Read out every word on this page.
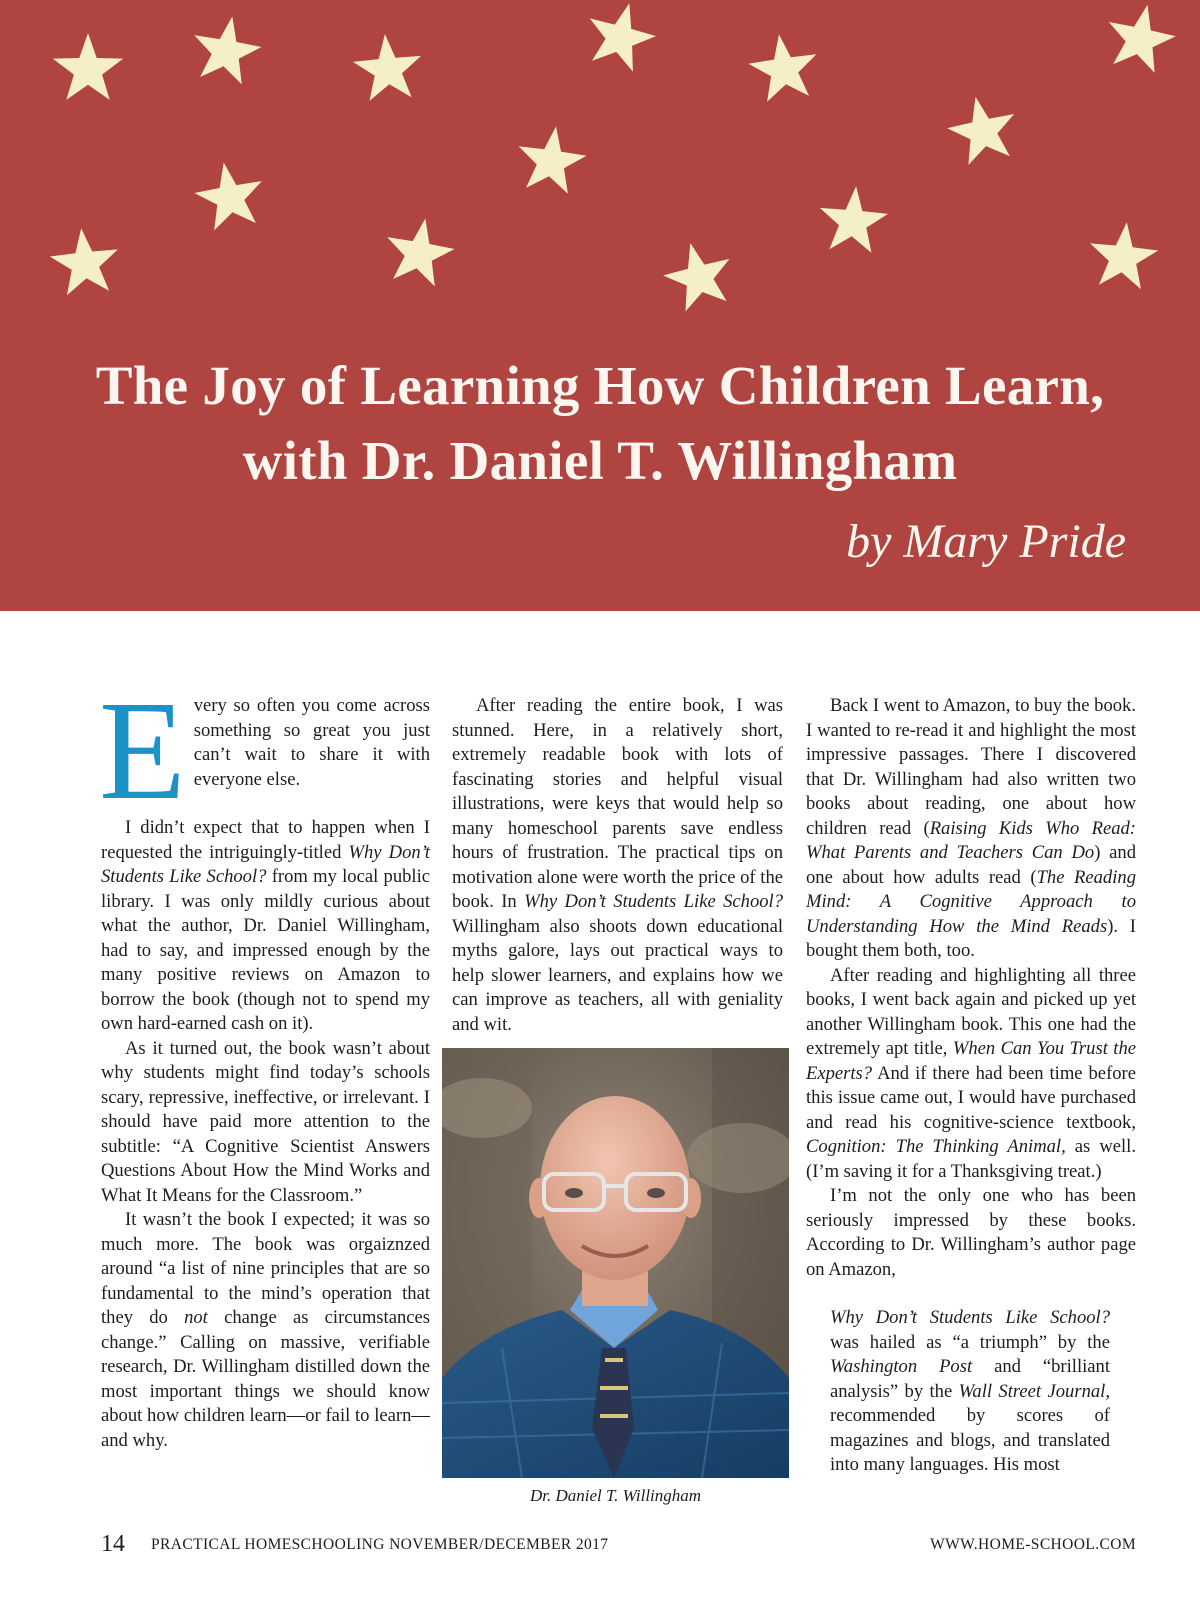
The Joy of Learning How Children Learn,
with Dr. Daniel T. Willingham

by Mary Pride

Every so often you come across something so great you just can’t wait to share it with everyone else.

I didn’t expect that to happen when I requested the intriguingly-titled Why Don’t Students Like School? from my local public library. I was only mildly curious about what the author, Dr. Daniel Willingham, had to say, and impressed enough by the many positive reviews on Amazon to borrow the book (though not to spend my own hard-earned cash on it).

As it turned out, the book wasn’t about why students might find today’s schools scary, repressive, ineffective, or irrelevant. I should have paid more attention to the subtitle: “A Cognitive Scientist Answers Questions About How the Mind Works and What It Means for the Classroom.”

It wasn’t the book I expected; it was so much more. The book was orgaiznzed around “a list of nine principles that are so fundamental to the mind’s operation that they do not change as circumstances change.” Calling on massive, verifiable research, Dr. Willingham distilled down the most important things we should know about how children learn—or fail to learn—and why.

After reading the entire book, I was stunned. Here, in a relatively short, extremely readable book with lots of fascinating stories and helpful visual illustrations, were keys that would help so many homeschool parents save endless hours of frustration. The practical tips on motivation alone were worth the price of the book. In Why Don’t Students Like School? Willingham also shoots down educational myths galore, lays out practical ways to help slower learners, and explains how we can improve as teachers, all with geniality and wit.

Dr. Daniel T. Willingham

Back I went to Amazon, to buy the book. I wanted to re-read it and highlight the most impressive passages. There I discovered that Dr. Willingham had also written two books about reading, one about how children read (Raising Kids Who Read: What Parents and Teachers Can Do) and one about how adults read (The Reading Mind: A Cognitive Approach to Understanding How the Mind Reads). I bought them both, too.

After reading and highlighting all three books, I went back again and picked up yet another Willingham book. This one had the extremely apt title, When Can You Trust the Experts? And if there had been time before this issue came out, I would have purchased and read his cognitive-science textbook, Cognition: The Thinking Animal, as well. (I’m saving it for a Thanksgiving treat.)

I’m not the only one who has been seriously impressed by these books. According to Dr. Willingham’s author page on Amazon,

Why Don’t Students Like School? was hailed as “a triumph” by the Washington Post and “brilliant analysis” by the Wall Street Journal, recommended by scores of magazines and blogs, and translated into many languages. His most

14 PRACTICAL HOMESCHOOLING NOVEMBER/DECEMBER 2017	WWW.HOME-SCHOOL.COM
